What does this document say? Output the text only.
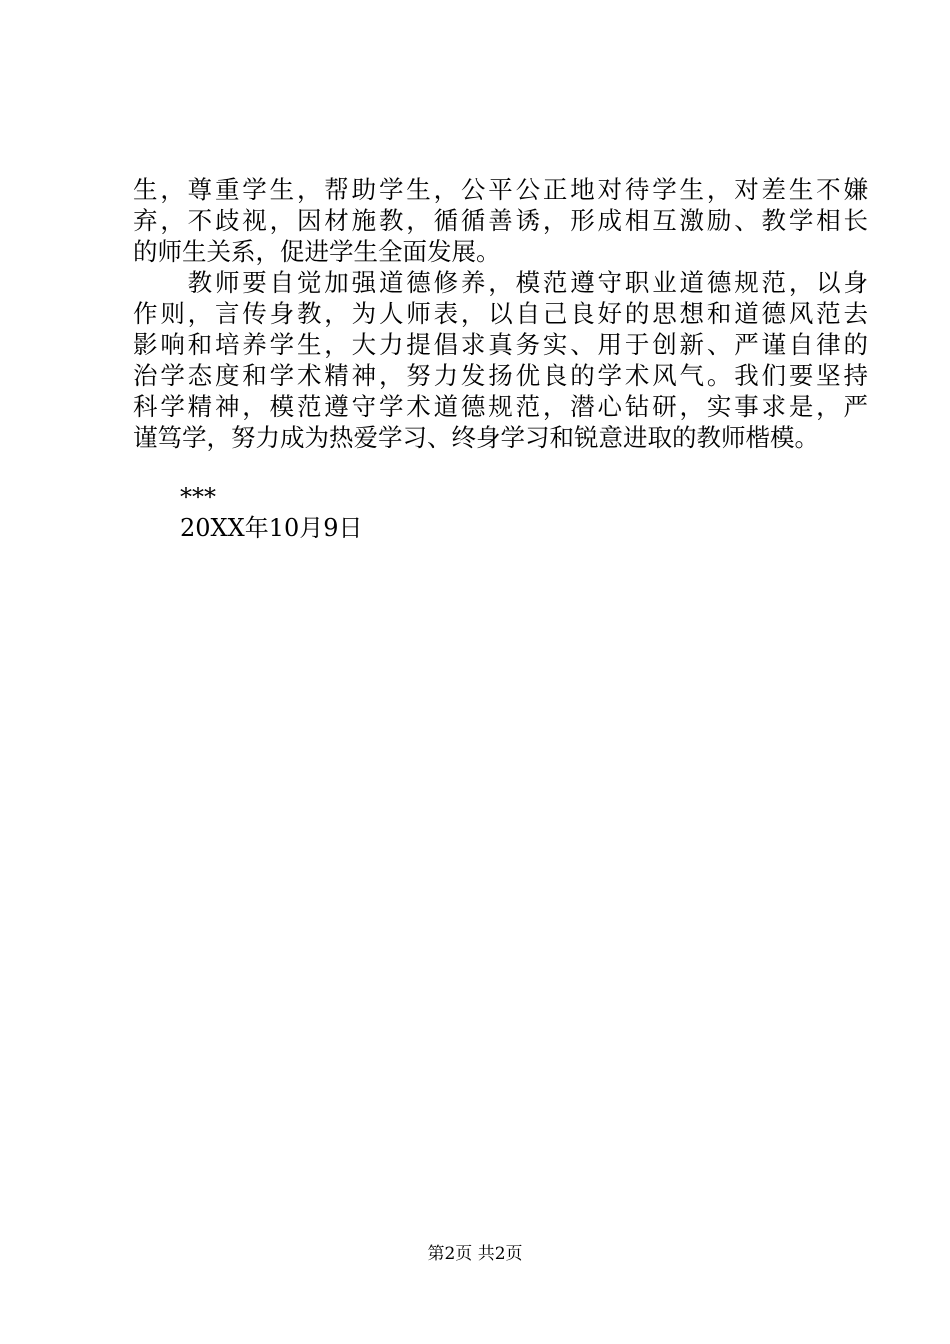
生，尊重学生，帮助学生，公平公正地对待学生，对差生不嫌
弃，不歧视，因材施教，循循善诱，形成相互激励、教学相长
的师生关系，促进学生全面发展。
　　教师要自觉加强道德修养，模范遵守职业道德规范，以身
作则，言传身教，为人师表，以自己良好的思想和道德风范去
影响和培养学生，大力提倡求真务实、用于创新、严谨自律的
治学态度和学术精神，努力发扬优良的学术风气。我们要坚持
科学精神，模范遵守学术道德规范，潜心钻研，实事求是，严
谨笃学，努力成为热爱学习、终身学习和锐意进取的教师楷模。
***
20XX年10月9日
第2页 共2页
